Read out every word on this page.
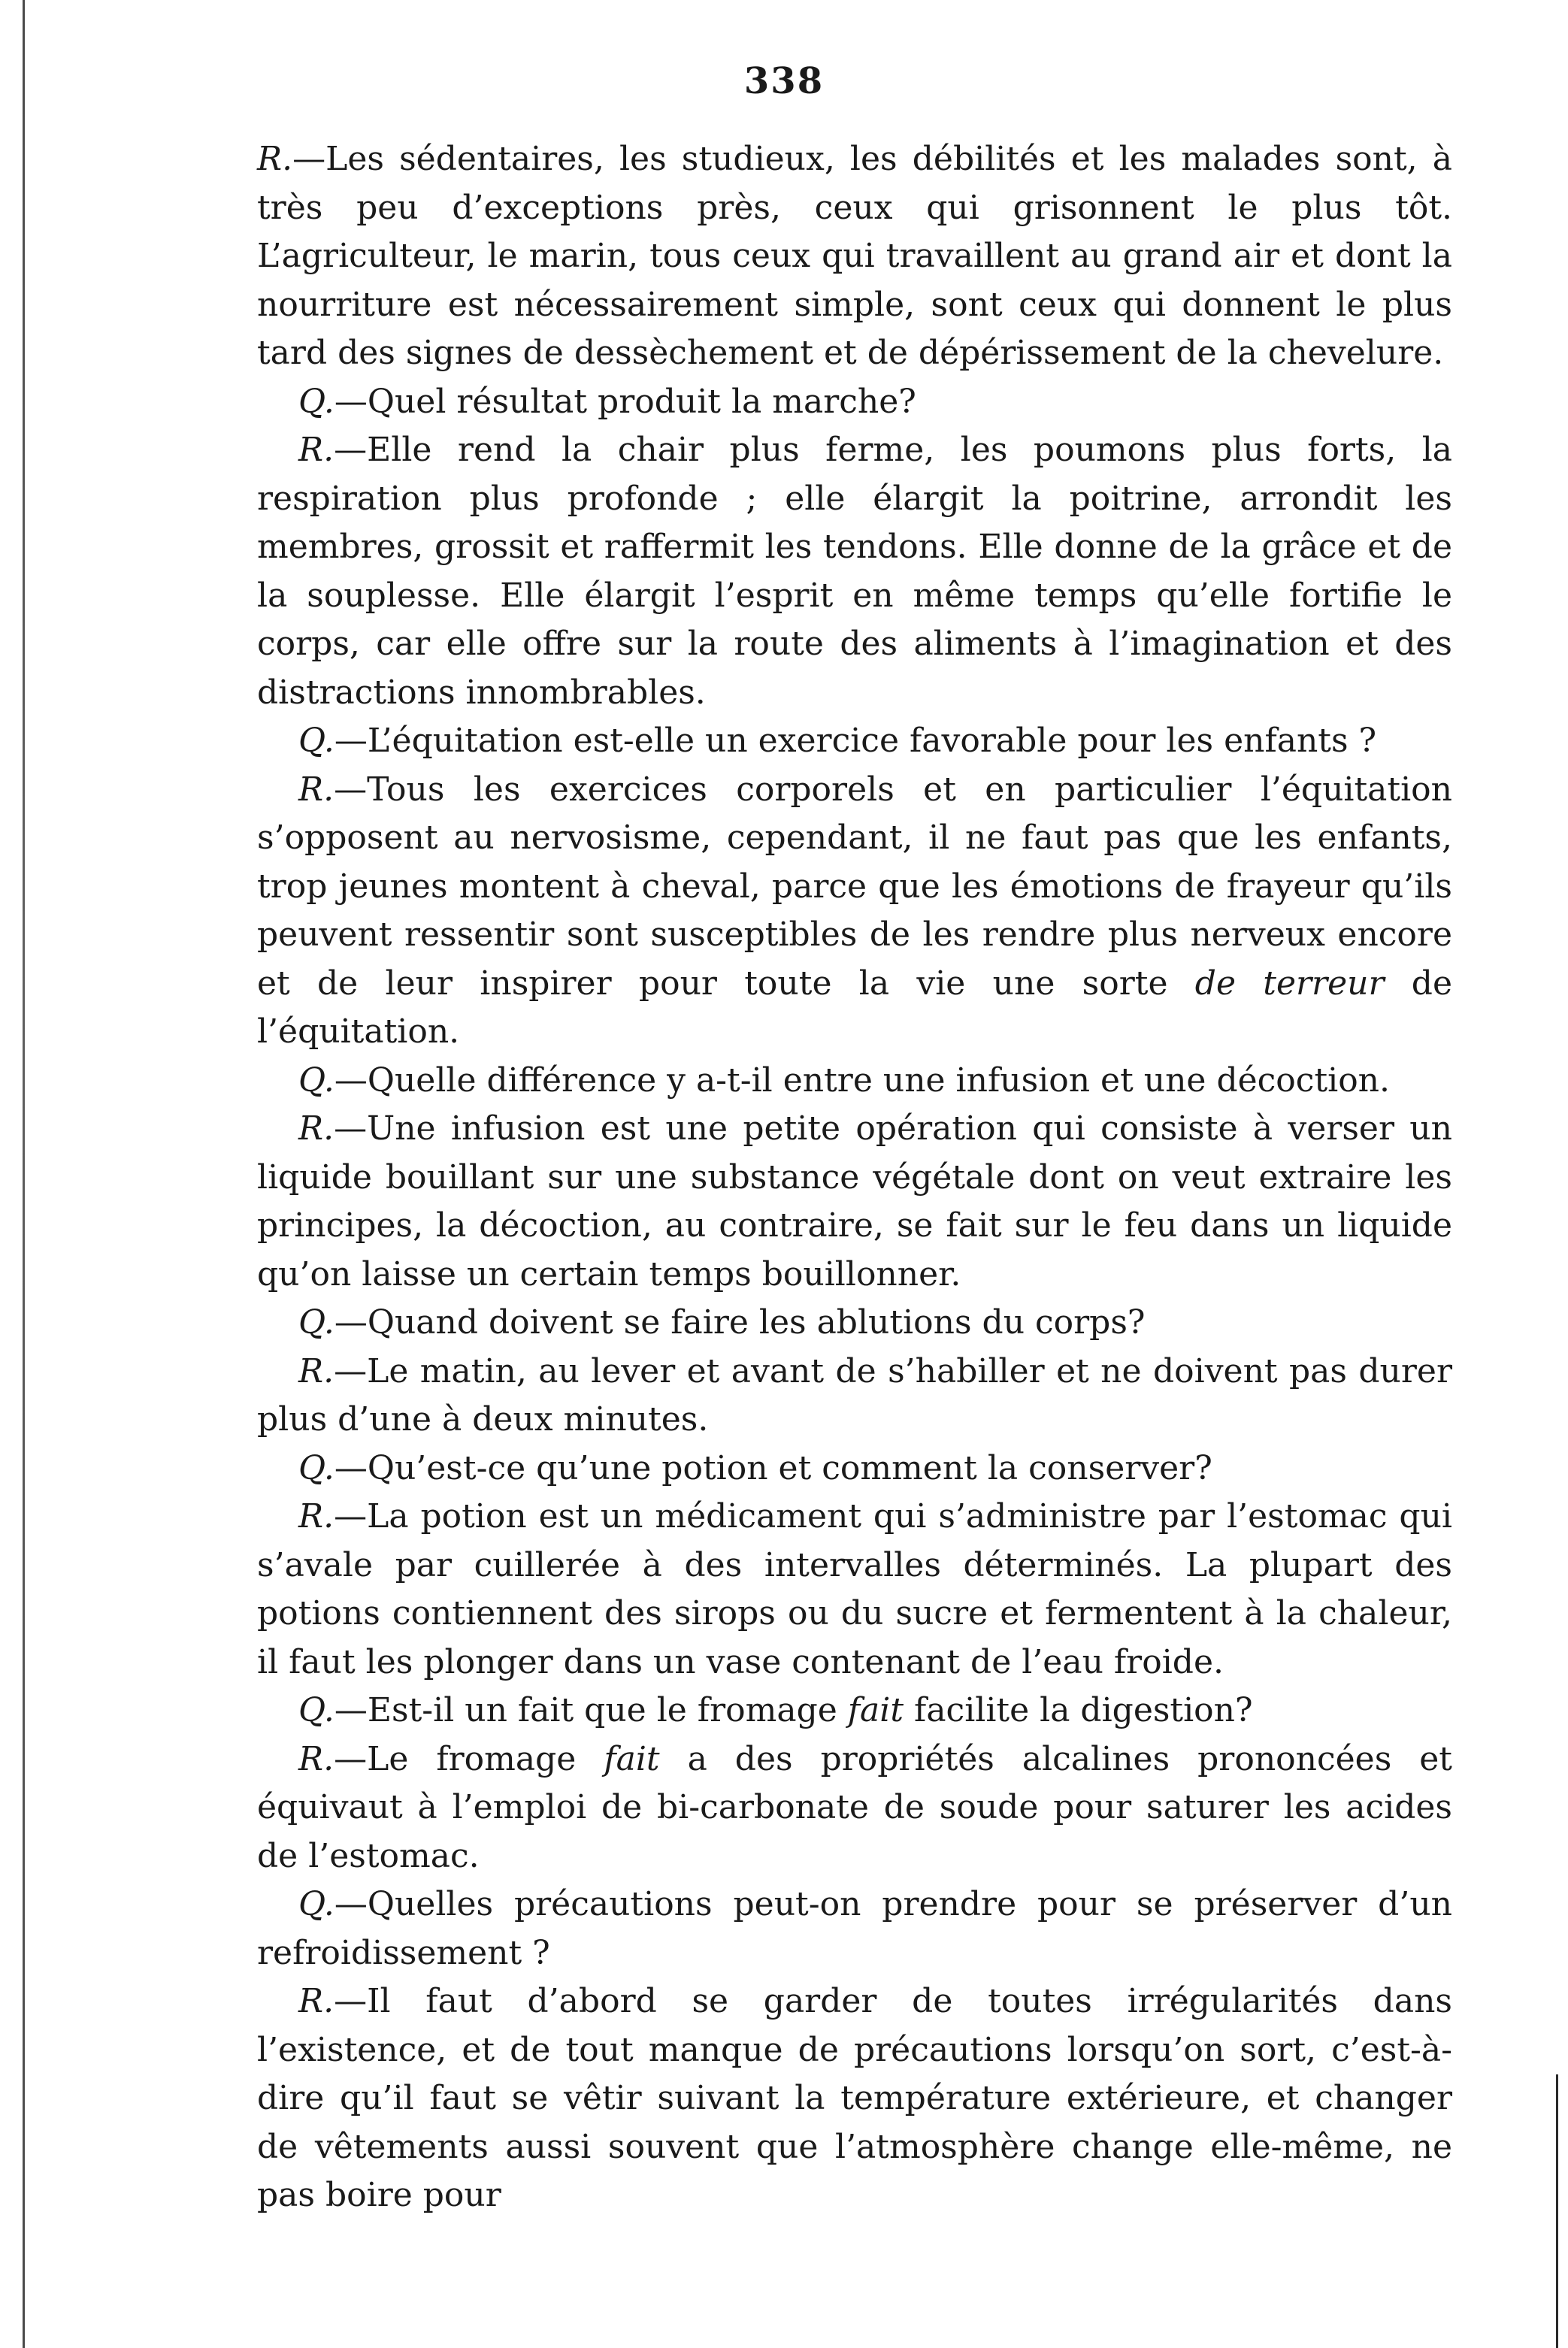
338

R.—Les sédentaires, les studieux, les débilités et les malades sont, à très peu d’exceptions près, ceux qui grisonnent le plus tôt. L’agriculteur, le marin, tous ceux qui travaillent au grand air et dont la nourriture est nécessairement simple, sont ceux qui donnent le plus tard des signes de dessèchement et de dépérissement de la chevelure.

Q.—Quel résultat produit la marche?

R.—Elle rend la chair plus ferme, les poumons plus forts, la respiration plus profonde ; elle élargit la poitrine, arrondit les membres, grossit et raffermit les tendons. Elle donne de la grâce et de la souplesse. Elle élargit l’esprit en même temps qu’elle fortifie le corps, car elle offre sur la route des aliments à l’imagination et des distractions innombrables.

Q.—L’équitation est-elle un exercice favorable pour les enfants ?

R.—Tous les exercices corporels et en particulier l’équitation s’opposent au nervosisme, cependant, il ne faut pas que les enfants, trop jeunes montent à cheval, parce que les émotions de frayeur qu’ils peuvent ressentir sont susceptibles de les rendre plus nerveux encore et de leur inspirer pour toute la vie une sorte de terreur de l’équitation.

Q.—Quelle différence y a-t-il entre une infusion et une décoction.

R.—Une infusion est une petite opération qui consiste à verser un liquide bouillant sur une substance végétale dont on veut extraire les principes, la décoction, au contraire, se fait sur le feu dans un liquide qu’on laisse un certain temps bouillonner.

Q.—Quand doivent se faire les ablutions du corps?

R.—Le matin, au lever et avant de s’habiller et ne doivent pas durer plus d’une à deux minutes.

Q.—Qu’est-ce qu’une potion et comment la conserver?

R.—La potion est un médicament qui s’administre par l’estomac qui s’avale par cuillerée à des intervalles déterminés. La plupart des potions contiennent des sirops ou du sucre et fermentent à la chaleur, il faut les plonger dans un vase contenant de l’eau froide.

Q.—Est-il un fait que le fromage fait facilite la digestion?

R.—Le fromage fait a des propriétés alcalines prononcées et équivaut à l’emploi de bi-carbonate de soude pour saturer les acides de l’estomac.

Q.—Quelles précautions peut-on prendre pour se préserver d’un refroidissement ?

R.—Il faut d’abord se garder de toutes irrégularités dans l’existence, et de tout manque de précautions lorsqu’on sort, c’est-à-dire qu’il faut se vêtir suivant la température extérieure, et changer de vêtements aussi souvent que l’atmosphère change elle-même, ne pas boire pour
